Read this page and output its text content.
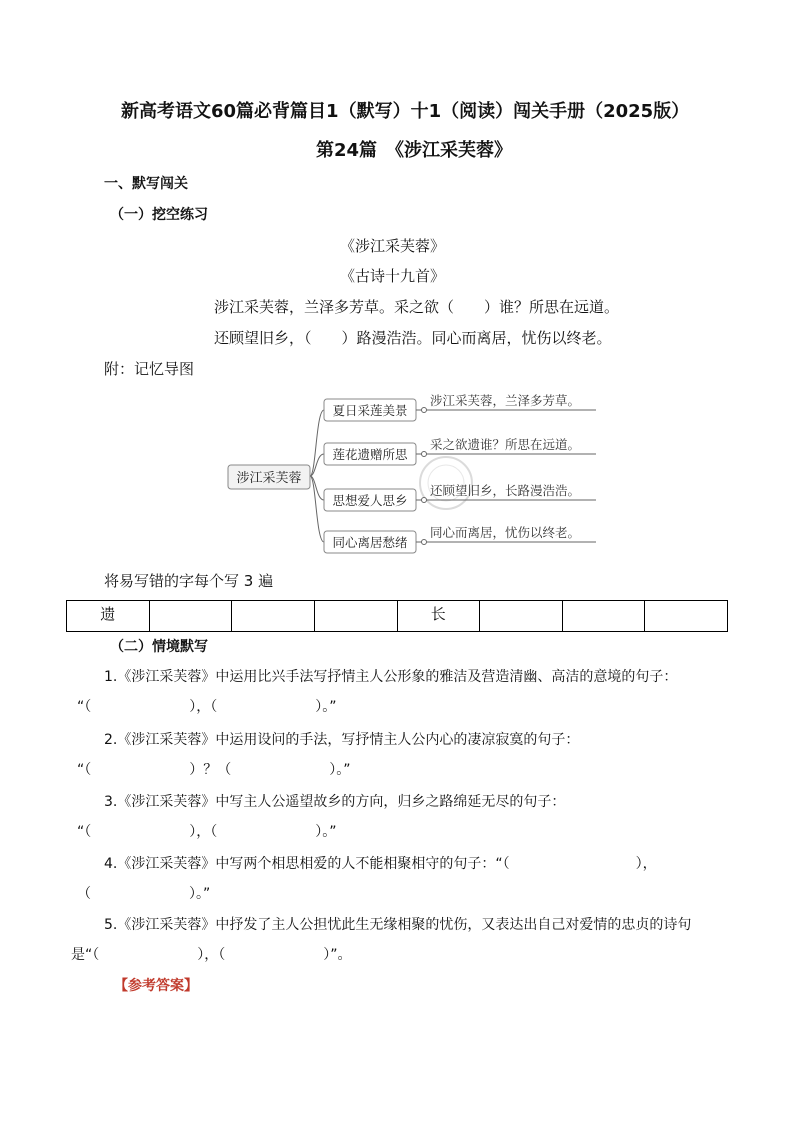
新高考语文60篇必背篇目1（默写）十1（阅读）闯关手册（2025版）
第24篇　《涉江采芙蓉》
一、默写闯关
（一）挖空练习
《涉江采芙蓉》
《古诗十九首》
涉江采芙蓉，兰泽多芳草。采之欲（　　）谁？所思在远道。
还顾望旧乡，（　　）路漫浩浩。同心而离居，忧伤以终老。
附：记忆导图
涉江采芙蓉
夏日采莲美景
莲花遗赠所思
思想爱人思乡
同心离居愁绪
涉江采芙蓉，兰泽多芳草。
采之欲遗谁？所思在远道。
还顾望旧乡，长路漫浩浩。
同心而离居，忧伤以终老。
将易写错的字每个写 3 遍
遗				长			
（二）情境默写
1.《涉江采芙蓉》中运用比兴手法写抒情主人公形象的雅洁及营造清幽、高洁的意境的句子：
“（　　　　　　　），（　　　　　　　）。”
2.《涉江采芙蓉》中运用设问的手法，写抒情主人公内心的凄凉寂寞的句子：
“（　　　　　　　）？（　　　　　　　）。”
3.《涉江采芙蓉》中写主人公遥望故乡的方向，归乡之路绵延无尽的句子：
“（　　　　　　　），（　　　　　　　）。”
4.《涉江采芙蓉》中写两个相思相爱的人不能相聚相守的句子：“（　　　　　　　　　），
（　　　　　　　）。”
5.《涉江采芙蓉》中抒发了主人公担忧此生无缘相聚的忧伤，又表达出自己对爱情的忠贞的诗句
是“（　　　　　　　），（　　　　　　　）”。
【参考答案】
